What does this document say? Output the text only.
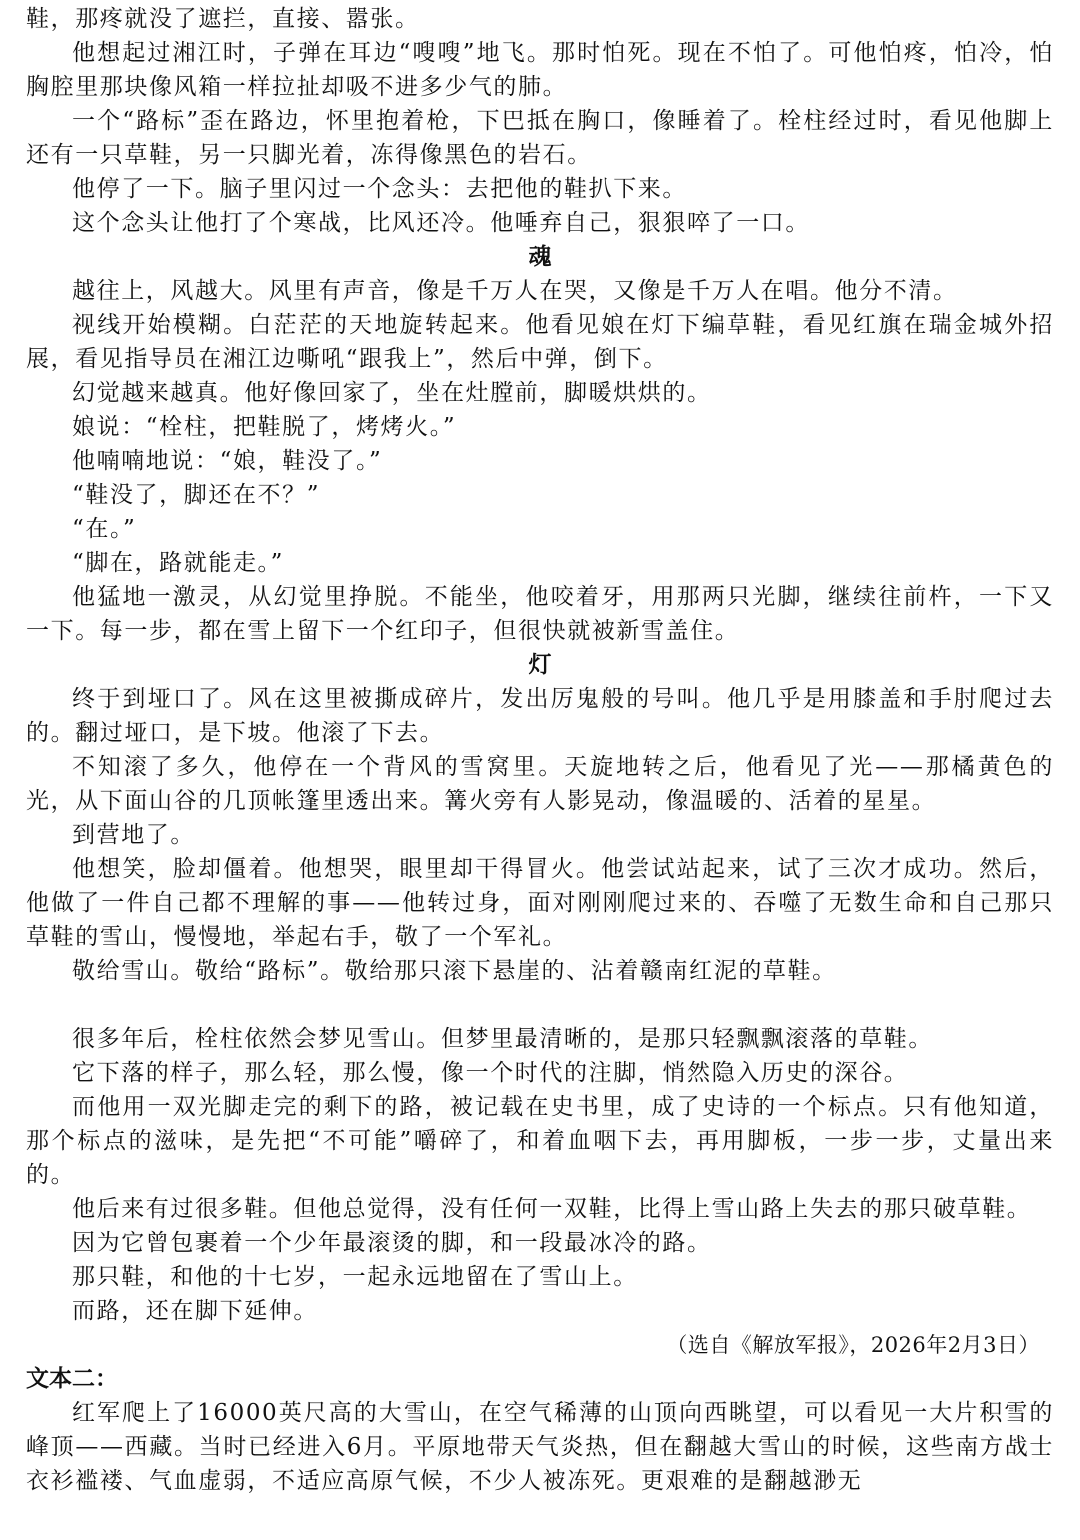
鞋，那疼就没了遮拦，直接、嚣张。

他想起过湘江时，子弹在耳边“嗖嗖”地飞。那时怕死。现在不怕了。可他怕疼，怕冷，怕胸腔里那块像风箱一样拉扯却吸不进多少气的肺。

一个“路标”歪在路边，怀里抱着枪，下巴抵在胸口，像睡着了。栓柱经过时，看见他脚上还有一只草鞋，另一只脚光着，冻得像黑色的岩石。

他停了一下。脑子里闪过一个念头：去把他的鞋扒下来。

这个念头让他打了个寒战，比风还冷。他唾弃自己，狠狠啐了一口。

魂

越往上，风越大。风里有声音，像是千万人在哭，又像是千万人在唱。他分不清。

视线开始模糊。白茫茫的天地旋转起来。他看见娘在灯下编草鞋，看见红旗在瑞金城外招展，看见指导员在湘江边嘶吼“跟我上”，然后中弹，倒下。

幻觉越来越真。他好像回家了，坐在灶膛前，脚暖烘烘的。

娘说：“栓柱，把鞋脱了，烤烤火。”

他喃喃地说：“娘，鞋没了。”

“鞋没了，脚还在不？”

“在。”

“脚在，路就能走。”

他猛地一激灵，从幻觉里挣脱。不能坐，他咬着牙，用那两只光脚，继续往前杵，一下又一下。每一步，都在雪上留下一个红印子，但很快就被新雪盖住。

灯

终于到垭口了。风在这里被撕成碎片，发出厉鬼般的号叫。他几乎是用膝盖和手肘爬过去的。翻过垭口，是下坡。他滚了下去。

不知滚了多久，他停在一个背风的雪窝里。天旋地转之后，他看见了光——那橘黄色的光，从下面山谷的几顶帐篷里透出来。篝火旁有人影晃动，像温暖的、活着的星星。

到营地了。

他想笑，脸却僵着。他想哭，眼里却干得冒火。他尝试站起来，试了三次才成功。然后，他做了一件自己都不理解的事——他转过身，面对刚刚爬过来的、吞噬了无数生命和自己那只草鞋的雪山，慢慢地，举起右手，敬了一个军礼。

敬给雪山。敬给“路标”。敬给那只滚下悬崖的、沾着赣南红泥的草鞋。

很多年后，栓柱依然会梦见雪山。但梦里最清晰的，是那只轻飘飘滚落的草鞋。

它下落的样子，那么轻，那么慢，像一个时代的注脚，悄然隐入历史的深谷。

而他用一双光脚走完的剩下的路，被记载在史书里，成了史诗的一个标点。只有他知道，那个标点的滋味，是先把“不可能”嚼碎了，和着血咽下去，再用脚板，一步一步，丈量出来的。

他后来有过很多鞋。但他总觉得，没有任何一双鞋，比得上雪山路上失去的那只破草鞋。

因为它曾包裹着一个少年最滚烫的脚，和一段最冰冷的路。

那只鞋，和他的十七岁，一起永远地留在了雪山上。

而路，还在脚下延伸。

（选自《解放军报》，2026年2月3日）

文本二：

红军爬上了16000英尺高的大雪山，在空气稀薄的山顶向西眺望，可以看见一大片积雪的峰顶——西藏。当时已经进入6月。平原地带天气炎热，但在翻越大雪山的时候，这些南方战士衣衫褴褛、气血虚弱，不适应高原气候，不少人被冻死。更艰难的是翻越渺无
